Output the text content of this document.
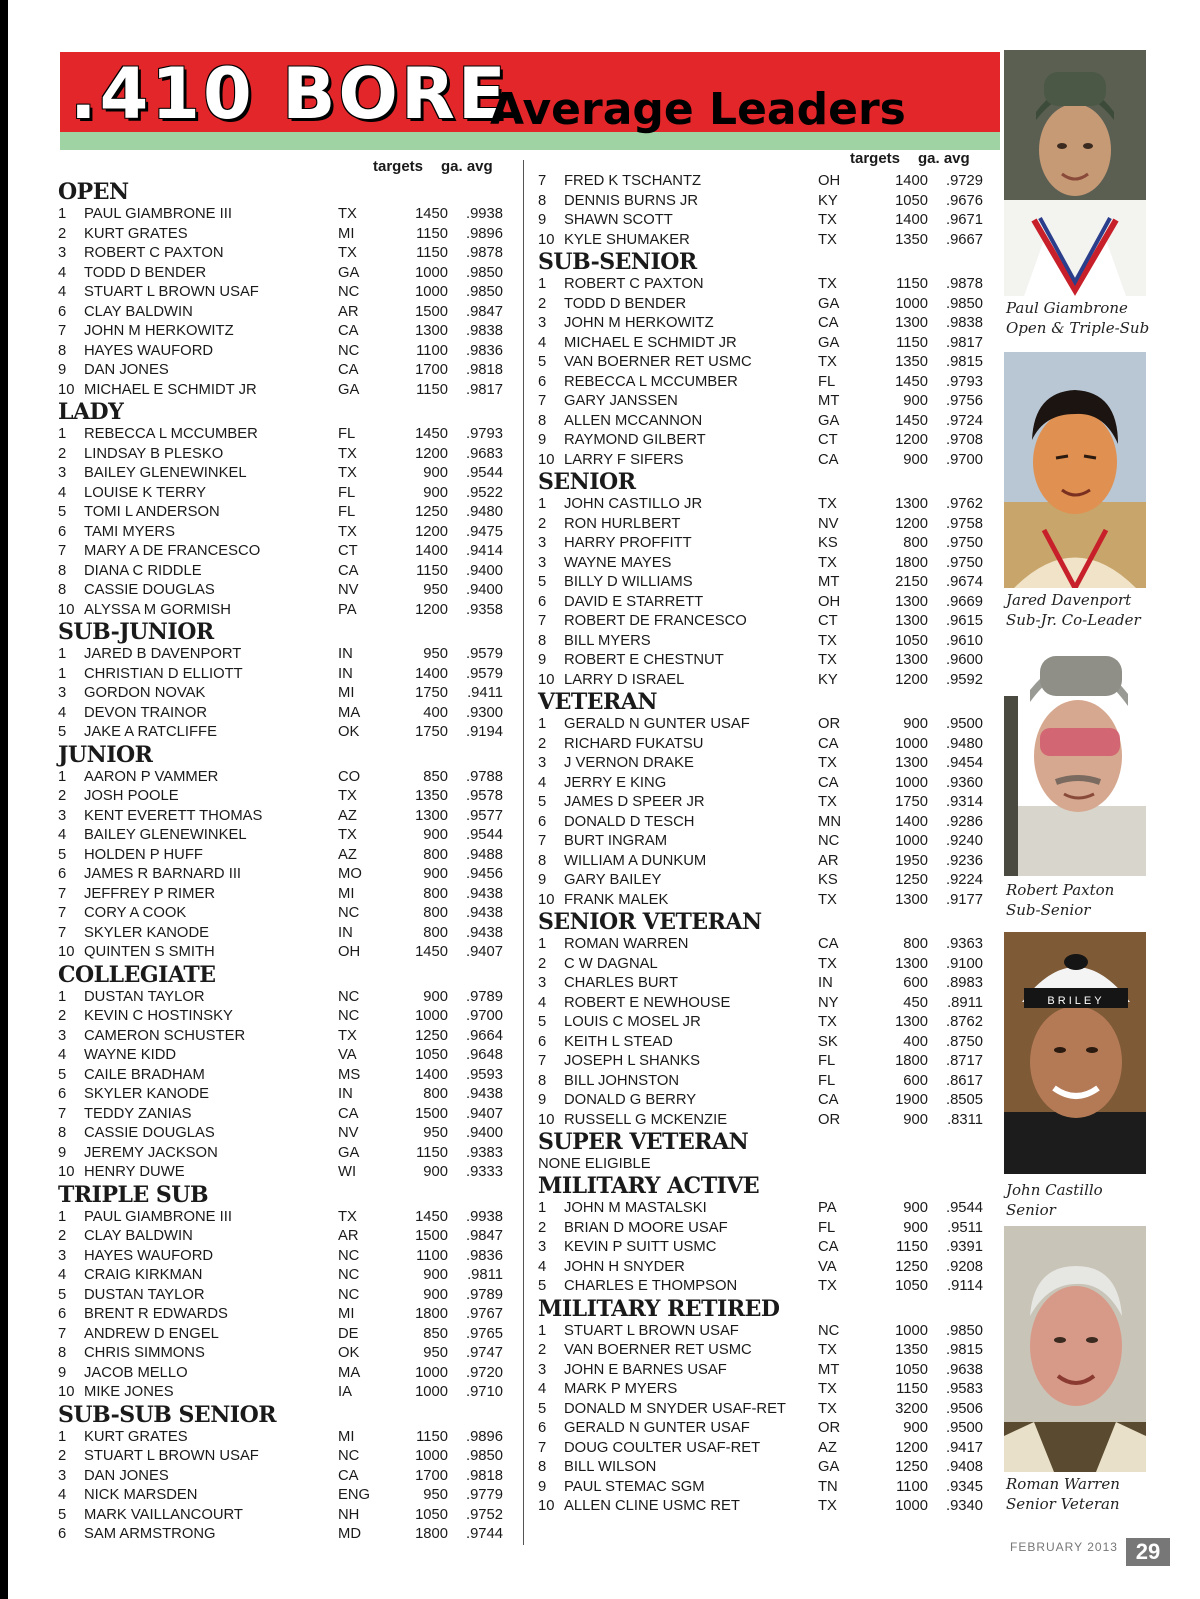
.410 BORE
Average Leaders
targets ga. avg
OPEN
1 PAUL GIAMBRONE III	TX	1450	.9938
2 KURT GRATES	MI	1150	.9896
3 ROBERT C PAXTON	TX	1150	.9878
4 TODD D BENDER	GA	1000	.9850
4 STUART L BROWN USAF	NC	1000	.9850
6 CLAY BALDWIN	AR	1500	.9847
7 JOHN M HERKOWITZ	CA	1300	.9838
8 HAYES WAUFORD	NC	1100	.9836
9 DAN JONES	CA	1700	.9818
10 MICHAEL E SCHMIDT JR	GA	1150	.9817
LADY
1 REBECCA L MCCUMBER	FL	1450	.9793
2 LINDSAY B PLESKO	TX	1200	.9683
3 BAILEY GLENEWINKEL	TX	900	.9544
4 LOUISE K TERRY	FL	900	.9522
5 TOMI L ANDERSON	FL	1250	.9480
6 TAMI MYERS	TX	1200	.9475
7 MARY A DE FRANCESCO	CT	1400	.9414
8 DIANA C RIDDLE	CA	1150	.9400
8 CASSIE DOUGLAS	NV	950	.9400
10 ALYSSA M GORMISH	PA	1200	.9358
SUB-JUNIOR
1 JARED B DAVENPORT	IN	950	.9579
1 CHRISTIAN D ELLIOTT	IN	1400	.9579
3 GORDON NOVAK	MI	1750	.9411
4 DEVON TRAINOR	MA	400	.9300
5 JAKE A RATCLIFFE	OK	1750	.9194
JUNIOR
1 AARON P VAMMER	CO	850	.9788
2 JOSH POOLE	TX	1350	.9578
3 KENT EVERETT THOMAS	AZ	1300	.9577
4 BAILEY GLENEWINKEL	TX	900	.9544
5 HOLDEN P HUFF	AZ	800	.9488
6 JAMES R BARNARD III	MO	900	.9456
7 JEFFREY P RIMER	MI	800	.9438
7 CORY A COOK	NC	800	.9438
7 SKYLER KANODE	IN	800	.9438
10 QUINTEN S SMITH	OH	1450	.9407
COLLEGIATE
1 DUSTAN TAYLOR	NC	900	.9789
2 KEVIN C HOSTINSKY	NC	1000	.9700
3 CAMERON SCHUSTER	TX	1250	.9664
4 WAYNE KIDD	VA	1050	.9648
5 CAILE BRADHAM	MS	1400	.9593
6 SKYLER KANODE	IN	800	.9438
7 TEDDY ZANIAS	CA	1500	.9407
8 CASSIE DOUGLAS	NV	950	.9400
9 JEREMY JACKSON	GA	1150	.9383
10 HENRY DUWE	WI	900	.9333
TRIPLE SUB
1 PAUL GIAMBRONE III	TX	1450	.9938
2 CLAY BALDWIN	AR	1500	.9847
3 HAYES WAUFORD	NC	1100	.9836
4 CRAIG KIRKMAN	NC	900	.9811
5 DUSTAN TAYLOR	NC	900	.9789
6 BRENT R EDWARDS	MI	1800	.9767
7 ANDREW D ENGEL	DE	850	.9765
8 CHRIS SIMMONS	OK	950	.9747
9 JACOB MELLO	MA	1000	.9720
10 MIKE JONES	IA	1000	.9710
SUB-SUB SENIOR
1 KURT GRATES	MI	1150	.9896
2 STUART L BROWN USAF	NC	1000	.9850
3 DAN JONES	CA	1700	.9818
4 NICK MARSDEN	ENG	950	.9779
5 MARK VAILLANCOURT	NH	1050	.9752
6 SAM ARMSTRONG	MD	1800	.9744
targets ga. avg
7 FRED K TSCHANTZ	OH	1400	.9729
8 DENNIS BURNS JR	KY	1050	.9676
9 SHAWN SCOTT	TX	1400	.9671
10 KYLE SHUMAKER	TX	1350	.9667
SUB-SENIOR
1 ROBERT C PAXTON	TX	1150	.9878
2 TODD D BENDER	GA	1000	.9850
3 JOHN M HERKOWITZ	CA	1300	.9838
4 MICHAEL E SCHMIDT JR	GA	1150	.9817
5 VAN BOERNER RET USMC	TX	1350	.9815
6 REBECCA L MCCUMBER	FL	1450	.9793
7 GARY JANSSEN	MT	900	.9756
8 ALLEN MCCANNON	GA	1450	.9724
9 RAYMOND GILBERT	CT	1200	.9708
10 LARRY F SIFERS	CA	900	.9700
SENIOR
1 JOHN CASTILLO JR	TX	1300	.9762
2 RON HURLBERT	NV	1200	.9758
3 HARRY PROFFITT	KS	800	.9750
3 WAYNE MAYES	TX	1800	.9750
5 BILLY D WILLIAMS	MT	2150	.9674
6 DAVID E STARRETT	OH	1300	.9669
7 ROBERT DE FRANCESCO	CT	1300	.9615
8 BILL MYERS	TX	1050	.9610
9 ROBERT E CHESTNUT	TX	1300	.9600
10 LARRY D ISRAEL	KY	1200	.9592
VETERAN
1 GERALD N GUNTER USAF	OR	900	.9500
2 RICHARD FUKATSU	CA	1000	.9480
3 J VERNON DRAKE	TX	1300	.9454
4 JERRY E KING	CA	1000	.9360
5 JAMES D SPEER JR	TX	1750	.9314
6 DONALD D TESCH	MN	1400	.9286
7 BURT INGRAM	NC	1000	.9240
8 WILLIAM A DUNKUM	AR	1950	.9236
9 GARY BAILEY	KS	1250	.9224
10 FRANK MALEK	TX	1300	.9177
SENIOR VETERAN
1 ROMAN WARREN	CA	800	.9363
2 C W DAGNAL	TX	1300	.9100
3 CHARLES BURT	IN	600	.8983
4 ROBERT E NEWHOUSE	NY	450	.8911
5 LOUIS C MOSEL JR	TX	1300	.8762
6 KEITH L STEAD	SK	400	.8750
7 JOSEPH L SHANKS	FL	1800	.8717
8 BILL JOHNSTON	FL	600	.8617
9 DONALD G BERRY	CA	1900	.8505
10 RUSSELL G MCKENZIE	OR	900	.8311
SUPER VETERAN
NONE ELIGIBLE
MILITARY ACTIVE
1 JOHN M MASTALSKI	PA	900	.9544
2 BRIAN D MOORE USAF	FL	900	.9511
3 KEVIN P SUITT USMC	CA	1150	.9391
4 JOHN H SNYDER	VA	1250	.9208
5 CHARLES E THOMPSON	TX	1050	.9114
MILITARY RETIRED
1 STUART L BROWN USAF	NC	1000	.9850
2 VAN BOERNER RET USMC	TX	1350	.9815
3 JOHN E BARNES USAF	MT	1050	.9638
4 MARK P MYERS	TX	1150	.9583
5 DONALD M SNYDER USAF-RET TX	3200	.9506
6 GERALD N GUNTER USAF	OR	900	.9500
7 DOUG COULTER USAF-RET	AZ	1200	.9417
8 BILL WILSON	GA	1250	.9408
9 PAUL STEMAC SGM	TN	1100	.9345
10 ALLEN CLINE USMC RET	TX	1000	.9340
Paul Giambrone
Open & Triple-Sub
Jared Davenport
Sub-Jr. Co-Leader
Robert Paxton
Sub-Senior
BRILEY
John Castillo
Senior
Roman Warren
Senior Veteran
FEBRUARY 2013 29
